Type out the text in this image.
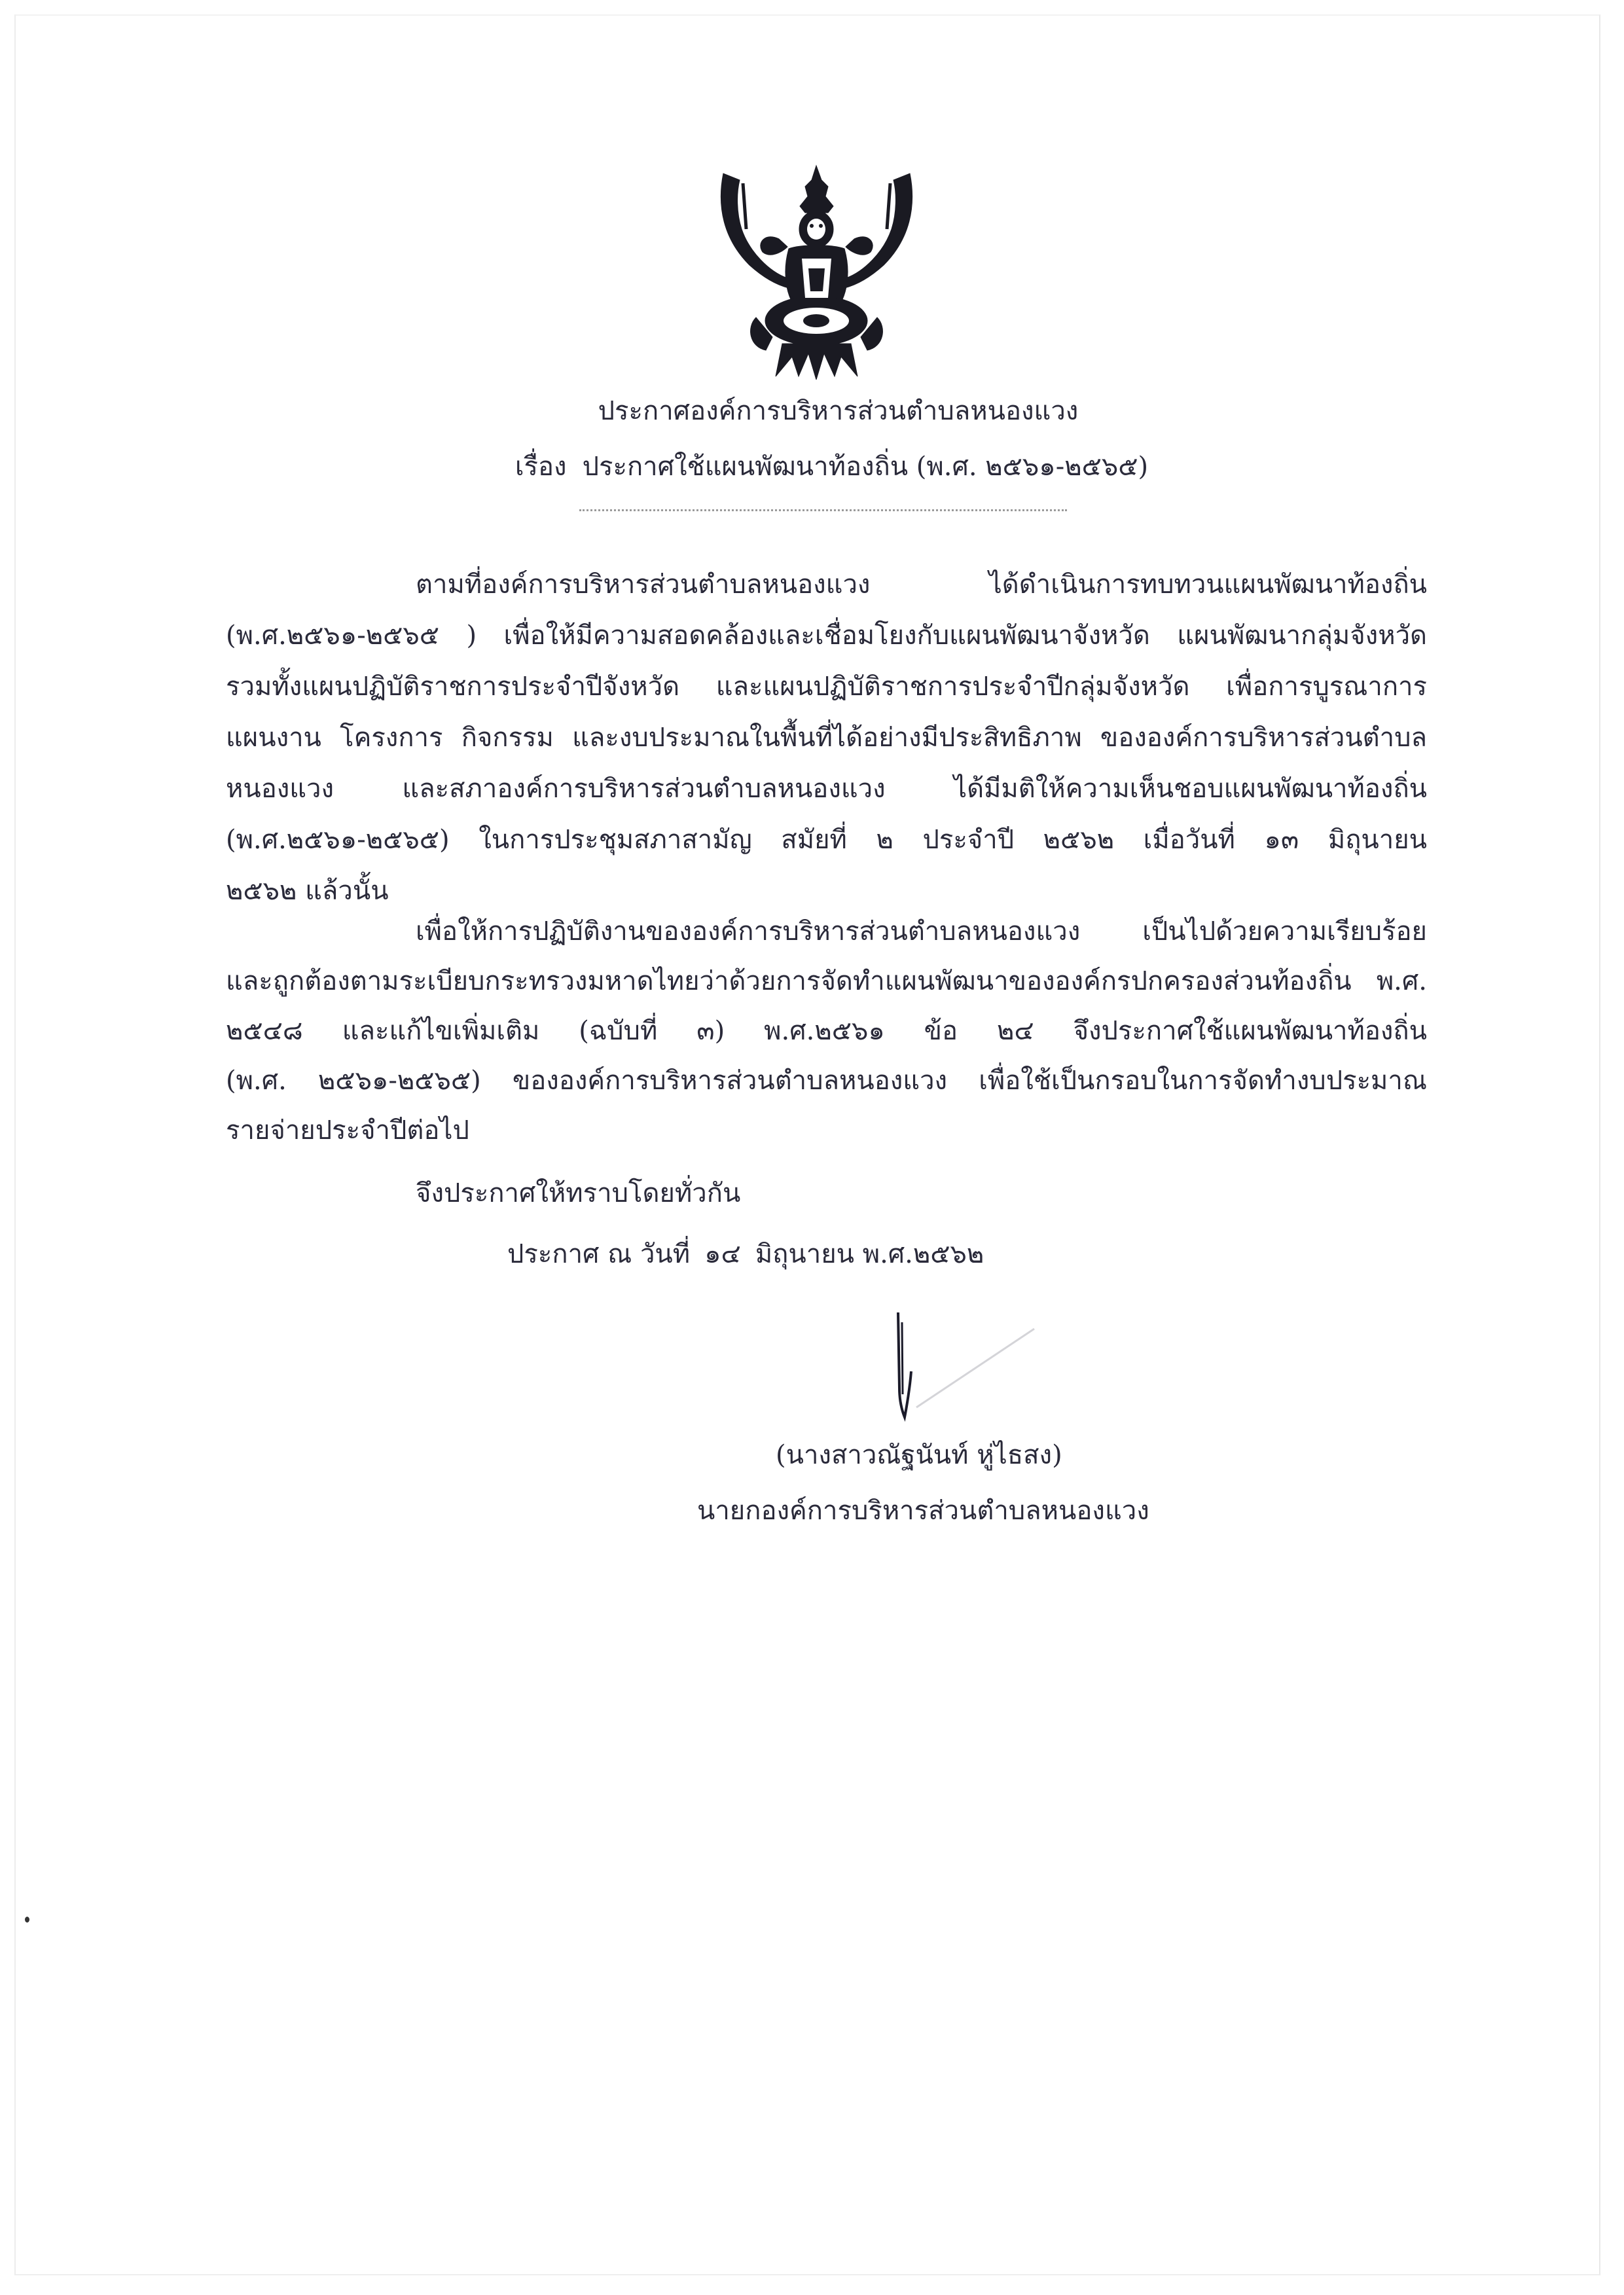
ประกาศองค์การบริหารส่วนตำบลหนองแวง
เรื่อง ประกาศใช้แผนพัฒนาท้องถิ่น (พ.ศ. ๒๕๖๑-๒๕๖๕)
ตามที่องค์การบริหารส่วนตำบลหนองแวง ได้ดำเนินการทบทวนแผนพัฒนาท้องถิ่น
(พ.ศ.๒๕๖๑-๒๕๖๕ ) เพื่อให้มีความสอดคล้องและเชื่อมโยงกับแผนพัฒนาจังหวัด แผนพัฒนากลุ่มจังหวัด
รวมทั้งแผนปฏิบัติราชการประจำปีจังหวัด และแผนปฏิบัติราชการประจำปีกลุ่มจังหวัด เพื่อการบูรณาการ
แผนงาน โครงการ กิจกรรม และงบประมาณในพื้นที่ได้อย่างมีประสิทธิภาพ ขององค์การบริหารส่วนตำบล
หนองแวง และสภาองค์การบริหารส่วนตำบลหนองแวง ได้มีมติให้ความเห็นชอบแผนพัฒนาท้องถิ่น
(พ.ศ.๒๕๖๑-๒๕๖๕) ในการประชุมสภาสามัญ สมัยที่ ๒ ประจำปี ๒๕๖๒ เมื่อวันที่ ๑๓ มิถุนายน
๒๕๖๒ แล้วนั้น
เพื่อให้การปฏิบัติงานขององค์การบริหารส่วนตำบลหนองแวง เป็นไปด้วยความเรียบร้อย
และถูกต้องตามระเบียบกระทรวงมหาดไทยว่าด้วยการจัดทำแผนพัฒนาขององค์กรปกครองส่วนท้องถิ่น พ.ศ.
๒๕๔๘ และแก้ไขเพิ่มเติม (ฉบับที่ ๓) พ.ศ.๒๕๖๑ ข้อ ๒๔ จึงประกาศใช้แผนพัฒนาท้องถิ่น
(พ.ศ. ๒๕๖๑-๒๕๖๕) ขององค์การบริหารส่วนตำบลหนองแวง เพื่อใช้เป็นกรอบในการจัดทำงบประมาณ
รายจ่ายประจำปีต่อไป
จึงประกาศให้ทราบโดยทั่วกัน
ประกาศ ณ วันที่ ๑๔ มิถุนายน พ.ศ.๒๕๖๒
(นางสาวณัฐนันท์ หู่ไธสง)
นายกองค์การบริหารส่วนตำบลหนองแวง
